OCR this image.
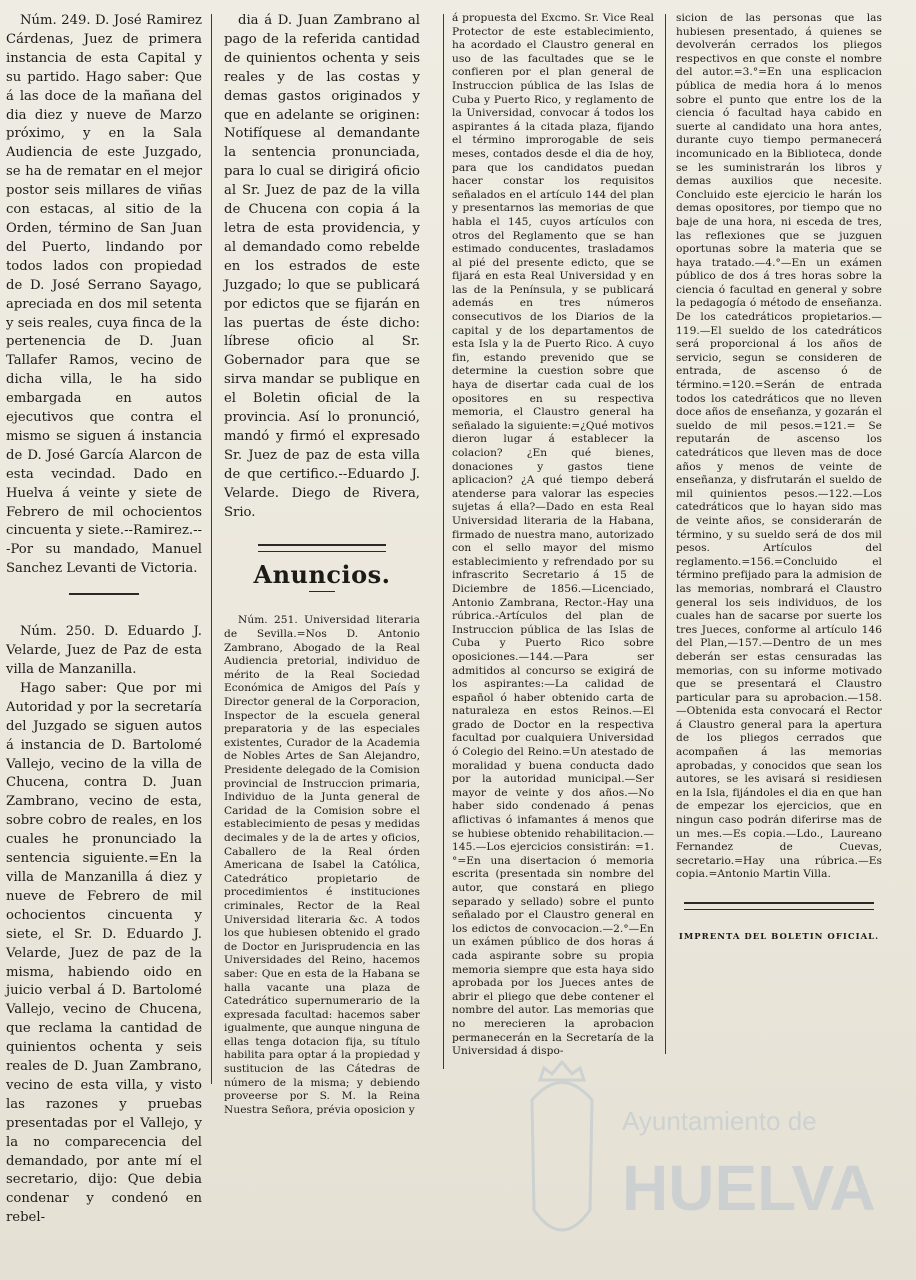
Núm. 249. D. José Ramirez Cárdenas, Juez de primera instancia de esta Capital y su partido. Hago saber: Que á las doce de la mañana del dia diez y nueve de Marzo próximo, y en la Sala Audiencia de este Juzgado, se ha de rematar en el mejor postor seis millares de viñas con estacas, al sitio de la Orden, término de San Juan del Puerto, lindando por todos lados con propiedad de D. José Serrano Sayago, apreciada en dos mil setenta y seis reales, cuya finca de la pertenencia de D. Juan Tallafer Ramos, vecino de dicha villa, le ha sido embargada en autos ejecutivos que contra el mismo se siguen á instancia de D. José García Alarcon de esta vecindad. Dado en Huelva á veinte y siete de Febrero de mil ochocientos cincuenta y siete.--Ramirez.---Por su mandado, Manuel Sanchez Levanti de Victoria.

Núm. 250. D. Eduardo J. Velarde, Juez de Paz de esta villa de Manzanilla.

Hago saber: Que por mi Autoridad y por la secretaría del Juzgado se siguen autos á instancia de D. Bartolomé Vallejo, vecino de la villa de Chucena, contra D. Juan Zambrano, vecino de esta, sobre cobro de reales, en los cuales he pronunciado la sentencia siguiente.=En la villa de Manzanilla á diez y nueve de Febrero de mil ochocientos cincuenta y siete, el Sr. D. Eduardo J. Velarde, Juez de paz de la misma, habiendo oido en juicio verbal á D. Bartolomé Vallejo, vecino de Chucena, que reclama la cantidad de quinientos ochenta y seis reales de D. Juan Zambrano, vecino de esta villa, y visto las razones y pruebas presentadas por el Vallejo, y la no comparecencia del demandado, por ante mí el secretario, dijo: Que debia condenar y condenó en rebel-

dia á D. Juan Zambrano al pago de la referida cantidad de quinientos ochenta y seis reales y de las costas y demas gastos originados y que en adelante se originen: Notifíquese al demandante la sentencia pronunciada, para lo cual se dirigirá oficio al Sr. Juez de paz de la villa de Chucena con copia á la letra de esta providencia, y al demandado como rebelde en los estrados de este Juzgado; lo que se publicará por edictos que se fijarán en las puertas de éste dicho: líbrese oficio al Sr. Gobernador para que se sirva mandar se publique en el Boletin oficial de la provincia. Así lo pronunció, mandó y firmó el expresado Sr. Juez de paz de esta villa de que certifico.--Eduardo J. Velarde. Diego de Rivera, Srio.

Anuncios.

Núm. 251. Universidad literaria de Sevilla.=Nos D. Antonio Zambrano, Abogado de la Real Audiencia pretorial, individuo de mérito de la Real Sociedad Económica de Amigos del País y Director general de la Corporacion, Inspector de la escuela general preparatoria y de las especiales existentes, Curador de la Academia de Nobles Artes de San Alejandro, Presidente delegado de la Comision provincial de Instruccion primaria, Individuo de la Junta general de Caridad de la Comision sobre el establecimiento de pesas y medidas decimales y de la de artes y oficios, Caballero de la Real órden Americana de Isabel la Católica, Catedrático propietario de procedimientos é instituciones criminales, Rector de la Real Universidad literaria &c. A todos los que hubiesen obtenido el grado de Doctor en Jurisprudencia en las Universidades del Reino, hacemos saber: Que en esta de la Habana se halla vacante una plaza de Catedrático supernumerario de la expresada facultad: hacemos saber igualmente, que aunque ninguna de ellas tenga dotacion fija, su título habilita para optar á la propiedad y sustitucion de las Cátedras de número de la misma; y debiendo proveerse por S. M. la Reina Nuestra Señora, prévia oposicion y

á propuesta del Excmo. Sr. Vice Real Protector de este establecimiento, ha acordado el Claustro general en uso de las facultades que se le confieren por el plan general de Instruccion pública de las Islas de Cuba y Puerto Rico, y reglamento de la Universidad, convocar á todos los aspirantes á la citada plaza, fijando el término improrogable de seis meses, contados desde el dia de hoy, para que los candidatos puedan hacer constar los requisitos señalados en el artículo 144 del plan y presentarnos las memorias de que habla el 145, cuyos artículos con otros del Reglamento que se han estimado conducentes, trasladamos al pié del presente edicto, que se fijará en esta Real Universidad y en las de la Península, y se publicará además en tres números consecutivos de los Diarios de la capital y de los departamentos de esta Isla y la de Puerto Rico. A cuyo fin, estando prevenido que se determine la cuestion sobre que haya de disertar cada cual de los opositores en su respectiva memoria, el Claustro general ha señalado la siguiente:=¿Qué motivos dieron lugar á establecer la colacion? ¿En qué bienes, donaciones y gastos tiene aplicacion? ¿A qué tiempo deberá atenderse para valorar las especies sujetas á ella?—Dado en esta Real Universidad literaria de la Habana, firmado de nuestra mano, autorizado con el sello mayor del mismo establecimiento y refrendado por su infrascrito Secretario á 15 de Diciembre de 1856.—Licenciado, Antonio Zambrana, Rector.-Hay una rúbrica.-Artículos del plan de Instruccion pública de las Islas de Cuba y Puerto Rico sobre oposiciones.—144.—Para ser admitidos al concurso se exigirá de los aspirantes:—La calidad de español ó haber obtenido carta de naturaleza en estos Reinos.—El grado de Doctor en la respectiva facultad por cualquiera Universidad ó Colegio del Reino.=Un atestado de moralidad y buena conducta dado por la autoridad municipal.—Ser mayor de veinte y dos años.—No haber sido condenado á penas aflictivas ó infamantes á menos que se hubiese obtenido rehabilitacion.—145.—Los ejercicios consistirán: =1.°=En una disertacion ó memoria escrita (presentada sin nombre del autor, que constará en pliego separado y sellado) sobre el punto señalado por el Claustro general en los edictos de convocacion.—2.°—En un exámen público de dos horas á cada aspirante sobre su propia memoria siempre que esta haya sido aprobada por los Jueces antes de abrir el pliego que debe contener el nombre del autor. Las memorias que no merecieren la aprobacion permanecerán en la Secretaría de la Universidad á dispo-

sicion de las personas que las hubiesen presentado, á quienes se devolverán cerrados los pliegos respectivos en que conste el nombre del autor.=3.°=En una esplicacion pública de media hora á lo menos sobre el punto que entre los de la ciencia ó facultad haya cabido en suerte al candidato una hora antes, durante cuyo tiempo permanecerá incomunicado en la Biblioteca, donde se les suministrarán los libros y demas auxilios que necesite. Concluido este ejercicio le harán los demas opositores, por tiempo que no baje de una hora, ni esceda de tres, las reflexiones que se juzguen oportunas sobre la materia que se haya tratado.—4.°—En un exámen público de dos á tres horas sobre la ciencia ó facultad en general y sobre la pedagogía ó método de enseñanza. De los catedráticos propietarios.—119.—El sueldo de los catedráticos será proporcional á los años de servicio, segun se consideren de entrada, de ascenso ó de término.=120.=Serán de entrada todos los catedráticos que no lleven doce años de enseñanza, y gozarán el sueldo de mil pesos.=121.= Se reputarán de ascenso los catedráticos que lleven mas de doce años y menos de veinte de enseñanza, y disfrutarán el sueldo de mil quinientos pesos.—122.—Los catedráticos que lo hayan sido mas de veinte años, se considerarán de término, y su sueldo será de dos mil pesos. Artículos del reglamento.=156.=Concluido el término prefijado para la admision de las memorias, nombrará el Claustro general los seis individuos, de los cuales han de sacarse por suerte los tres Jueces, conforme al artículo 146 del Plan,—157.—Dentro de un mes deberán ser estas censuradas las memorias, con su informe motivado que se presentará el Claustro particular para su aprobacion.—158.—Obtenida esta convocará el Rector á Claustro general para la apertura de los pliegos cerrados que acompañen á las memorias aprobadas, y conocidos que sean los autores, se les avisará si residiesen en la Isla, fijándoles el dia en que han de empezar los ejercicios, que en ningun caso podrán diferirse mas de un mes.—Es copia.—Ldo., Laureano Fernandez de Cuevas, secretario.=Hay una rúbrica.—Es copia.=Antonio Martin Villa.

IMPRENTA DEL BOLETIN OFICIAL.
Ayuntamiento de
HUELVA
